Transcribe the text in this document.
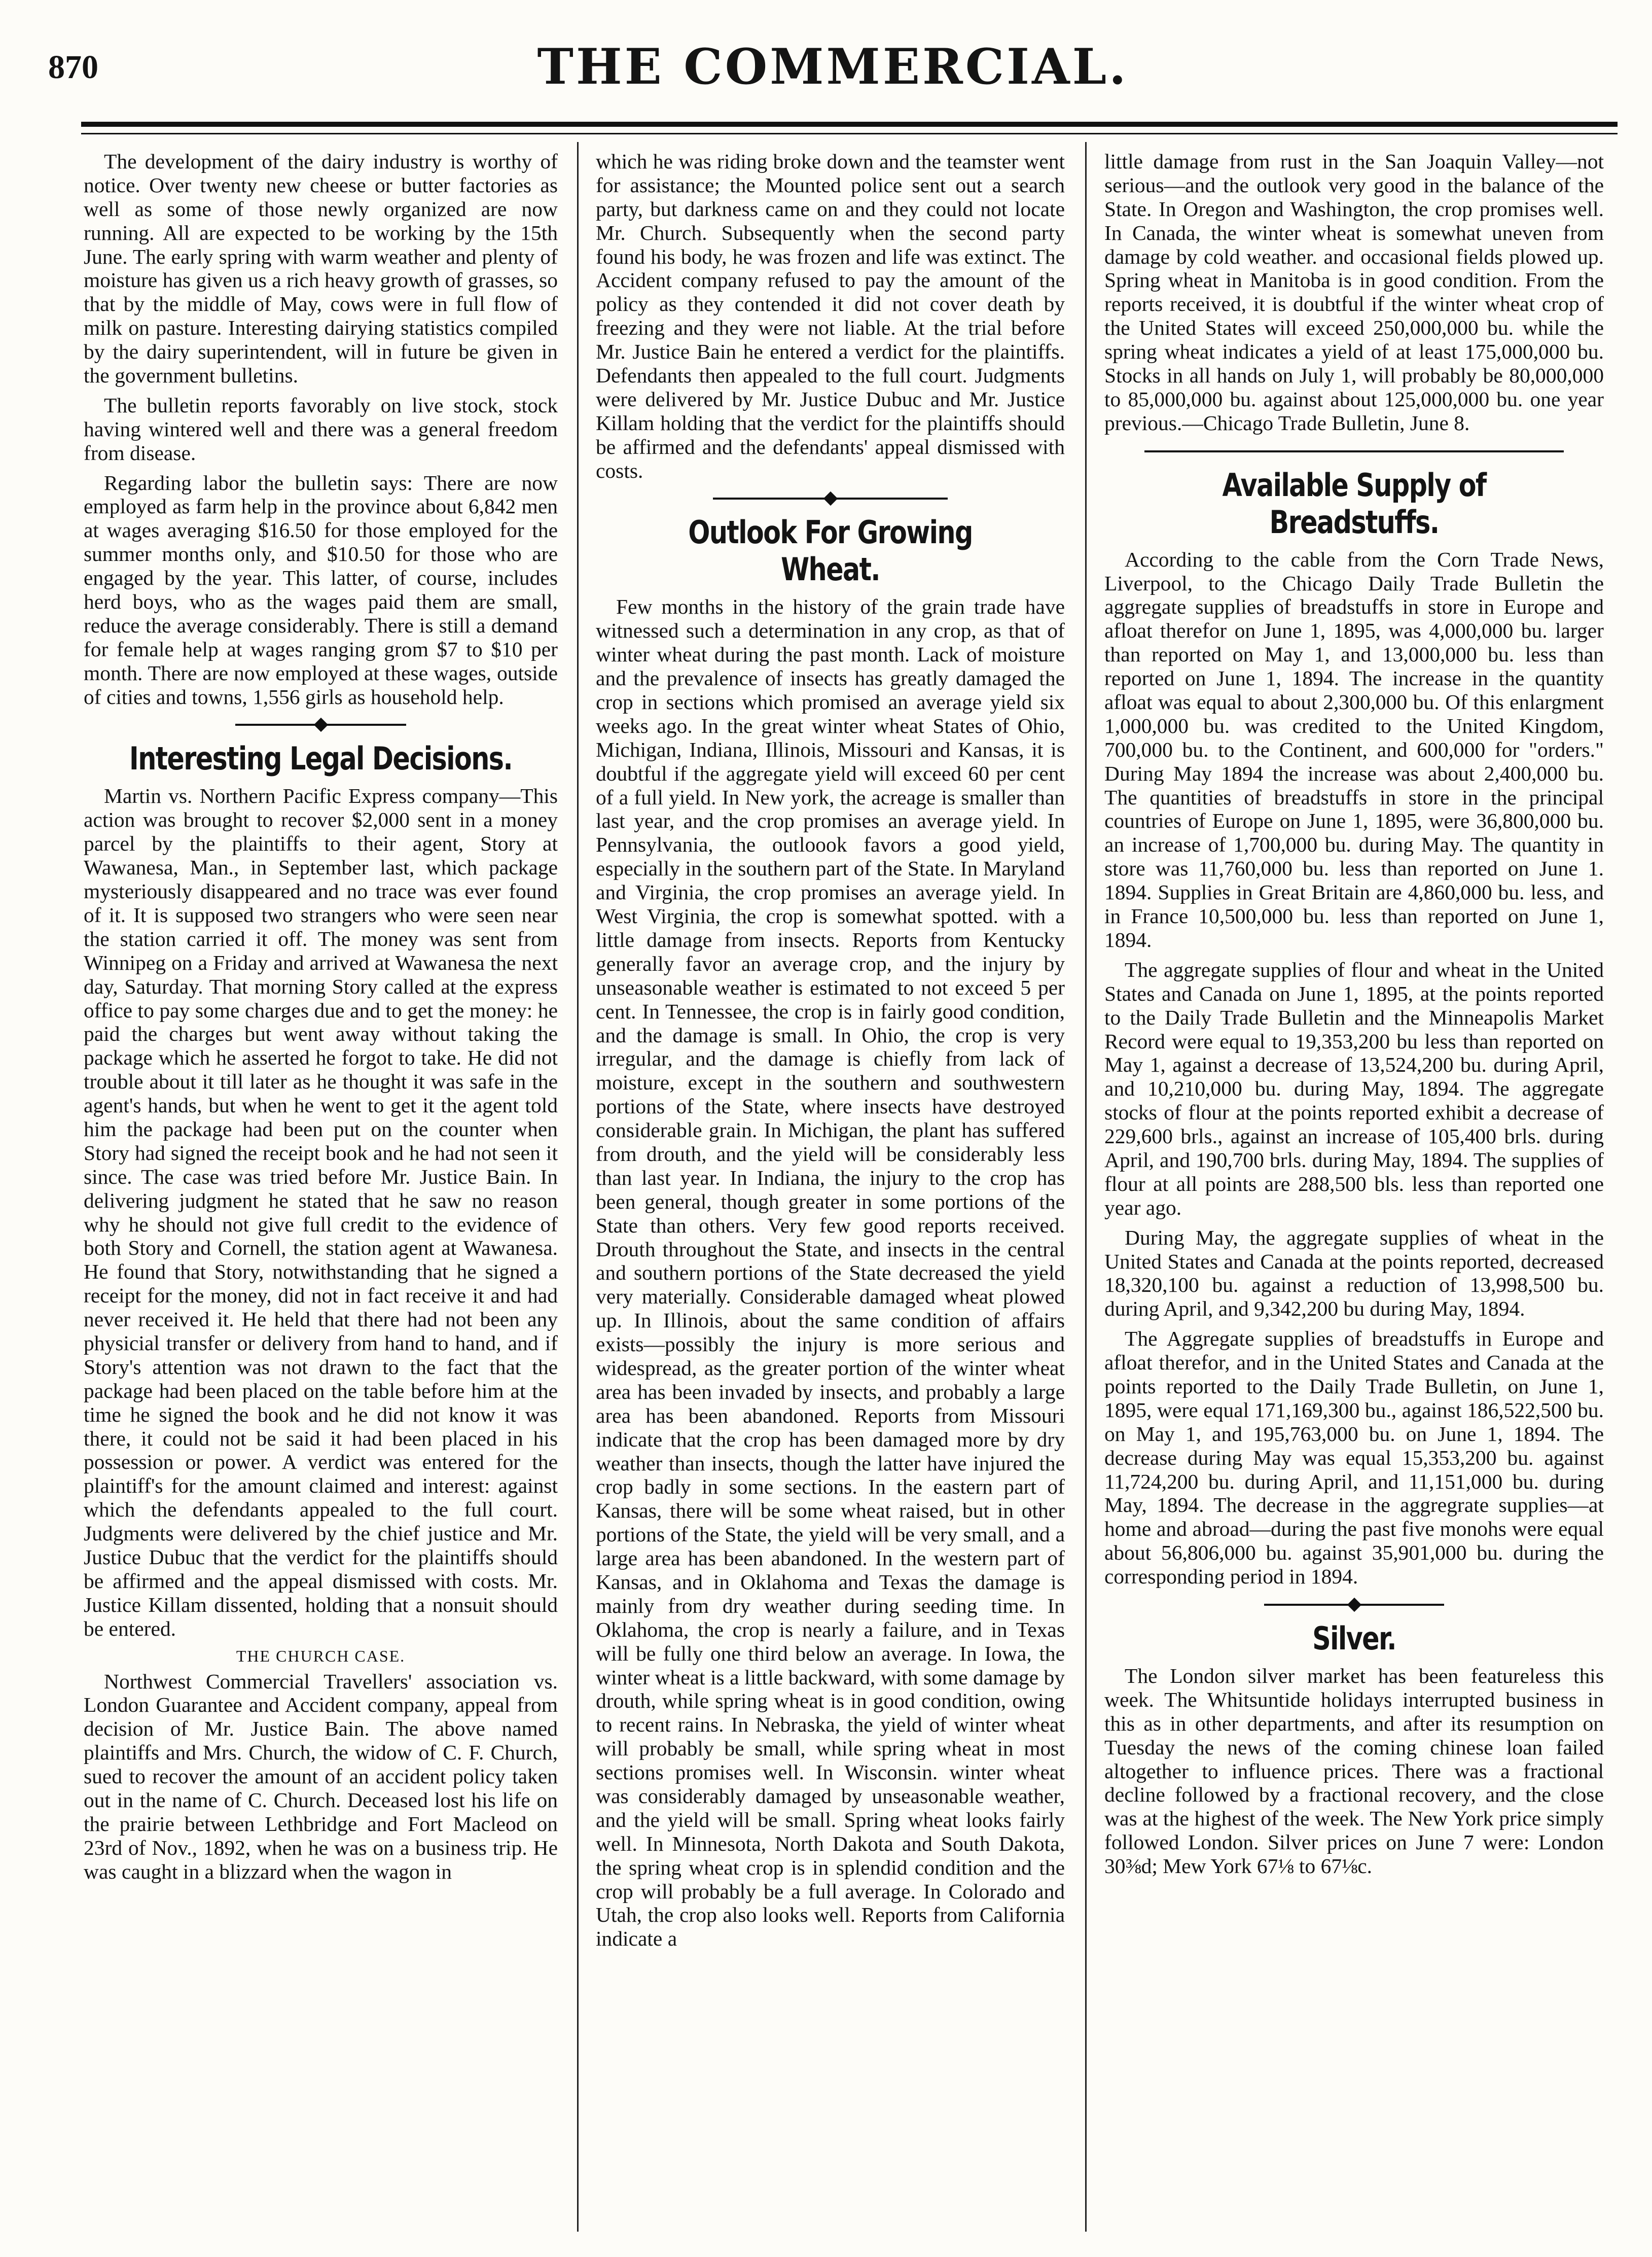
870	THE COMMERCIAL.

The development of the dairy industry is worthy of notice. Over twenty new cheese or butter factories as well as some of those newly organized are now running. All are expected to be working by the 15th June. The early spring with warm weather and plenty of moisture has given us a rich heavy growth of grasses, so that by the middle of May, cows were in full flow of milk on pasture. Interesting dairying statistics compiled by the dairy superintendent, will in future be given in the government bulletins.

The bulletin reports favorably on live stock, stock having wintered well and there was a general freedom from disease.

Regarding labor the bulletin says: There are now employed as farm help in the province about 6,842 men at wages averaging $16.50 for those employed for the summer months only, and $10.50 for those who are engaged by the year. This latter, of course, includes herd boys, who as the wages paid them are small, reduce the average considerably. There is still a demand for female help at wages ranging grom $7 to $10 per month. There are now employed at these wages, outside of cities and towns, 1,556 girls as household help.

Interesting Legal Decisions.

Martin vs. Northern Pacific Express company—This action was brought to recover $2,000 sent in a money parcel by the plaintiffs to their agent, Story at Wawanesa, Man., in September last, which package mysteriously disappeared and no trace was ever found of it. It is supposed two strangers who were seen near the station carried it off. The money was sent from Winnipeg on a Friday and arrived at Wawanesa the next day, Saturday. That morning Story called at the express office to pay some charges due and to get the money: he paid the charges but went away without taking the package which he asserted he forgot to take. He did not trouble about it till later as he thought it was safe in the agent's hands, but when he went to get it the agent told him the package had been put on the counter when Story had signed the receipt book and he had not seen it since. The case was tried before Mr. Justice Bain. In delivering judgment he stated that he saw no reason why he should not give full credit to the evidence of both Story and Cornell, the station agent at Wawanesa. He found that Story, notwithstanding that he signed a receipt for the money, did not in fact receive it and had never received it. He held that there had not been any physicial transfer or delivery from hand to hand, and if Story's attention was not drawn to the fact that the package had been placed on the table before him at the time he signed the book and he did not know it was there, it could not be said it had been placed in his possession or power. A verdict was entered for the plaintiff's for the amount claimed and interest: against which the defendants appealed to the full court. Judgments were delivered by the chief justice and Mr. Justice Dubuc that the verdict for the plaintiffs should be affirmed and the appeal dismissed with costs. Mr. Justice Killam dissented, holding that a nonsuit should be entered.

THE CHURCH CASE.

Northwest Commercial Travellers' association vs. London Guarantee and Accident company, appeal from decision of Mr. Justice Bain. The above named plaintiffs and Mrs. Church, the widow of C. F. Church, sued to recover the amount of an accident policy taken out in the name of C. Church. Deceased lost his life on the prairie between Lethbridge and Fort Macleod on 23rd of Nov., 1892, when he was on a business trip. He was caught in a blizzard when the wagon in

which he was riding broke down and the teamster went for assistance; the Mounted police sent out a search party, but darkness came on and they could not locate Mr. Church. Subsequently when the second party found his body, he was frozen and life was extinct. The Accident company refused to pay the amount of the policy as they contended it did not cover death by freezing and they were not liable. At the trial before Mr. Justice Bain he entered a verdict for the plaintiffs. Defendants then appealed to the full court. Judgments were delivered by Mr. Justice Dubuc and Mr. Justice Killam holding that the verdict for the plaintiffs should be affirmed and the defendants' appeal dismissed with costs.

Outlook For Growing Wheat.

Few months in the history of the grain trade have witnessed such a determination in any crop, as that of winter wheat during the past month. Lack of moisture and the prevalence of insects has greatly damaged the crop in sections which promised an average yield six weeks ago. In the great winter wheat States of Ohio, Michigan, Indiana, Illinois, Missouri and Kansas, it is doubtful if the aggregate yield will exceed 60 per cent of a full yield. In New york, the acreage is smaller than last year, and the crop promises an average yield. In Pennsylvania, the outloook favors a good yield, especially in the southern part of the State. In Maryland and Virginia, the crop promises an average yield. In West Virginia, the crop is somewhat spotted. with a little damage from insects. Reports from Kentucky generally favor an average crop, and the injury by unseasonable weather is estimated to not exceed 5 per cent. In Tennessee, the crop is in fairly good condition, and the damage is small. In Ohio, the crop is very irregular, and the damage is chiefly from lack of moisture, except in the southern and southwestern portions of the State, where insects have destroyed considerable grain. In Michigan, the plant has suffered from drouth, and the yield will be considerably less than last year. In Indiana, the injury to the crop has been general, though greater in some portions of the State than others. Very few good reports received. Drouth throughout the State, and insects in the central and southern portions of the State decreased the yield very materially. Considerable damaged wheat plowed up. In Illinois, about the same condition of affairs exists—possibly the injury is more serious and widespread, as the greater portion of the winter wheat area has been invaded by insects, and probably a large area has been abandoned. Reports from Missouri indicate that the crop has been damaged more by dry weather than insects, though the latter have injured the crop badly in some sections. In the eastern part of Kansas, there will be some wheat raised, but in other portions of the State, the yield will be very small, and a large area has been abandoned. In the western part of Kansas, and in Oklahoma and Texas the damage is mainly from dry weather during seeding time. In Oklahoma, the crop is nearly a failure, and in Texas will be fully one third below an average. In Iowa, the winter wheat is a little backward, with some damage by drouth, while spring wheat is in good condition, owing to recent rains. In Nebraska, the yield of winter wheat will probably be small, while spring wheat in most sections promises well. In Wisconsin. winter wheat was considerably damaged by unseasonable weather, and the yield will be small. Spring wheat looks fairly well. In Minnesota, North Dakota and South Dakota, the spring wheat crop is in splendid condition and the crop will probably be a full average. In Colorado and Utah, the crop also looks well. Reports from California indicate a

little damage from rust in the San Joaquin Valley—not serious—and the outlook very good in the balance of the State. In Oregon and Washington, the crop promises well. In Canada, the winter wheat is somewhat uneven from damage by cold weather. and occasional fields plowed up. Spring wheat in Manitoba is in good condition. From the reports received, it is doubtful if the winter wheat crop of the United States will exceed 250,000,000 bu. while the spring wheat indicates a yield of at least 175,000,000 bu. Stocks in all hands on July 1, will probably be 80,000,000 to 85,000,000 bu. against about 125,000,000 bu. one year previous.—Chicago Trade Bulletin, June 8.

Available Supply of Breadstuffs.

According to the cable from the Corn Trade News, Liverpool, to the Chicago Daily Trade Bulletin the aggregate supplies of breadstuffs in store in Europe and afloat therefor on June 1, 1895, was 4,000,000 bu. larger than reported on May 1, and 13,000,000 bu. less than reported on June 1, 1894. The increase in the quantity afloat was equal to about 2,300,000 bu. Of this enlargment 1,000,000 bu. was credited to the United Kingdom, 700,000 bu. to the Continent, and 600,000 for "orders." During May 1894 the increase was about 2,400,000 bu. The quantities of breadstuffs in store in the principal countries of Europe on June 1, 1895, were 36,800,000 bu. an increase of 1,700,000 bu. during May. The quantity in store was 11,760,000 bu. less than reported on June 1. 1894. Supplies in Great Britain are 4,860,000 bu. less, and in France 10,500,000 bu. less than reported on June 1, 1894.

The aggregate supplies of flour and wheat in the United States and Canada on June 1, 1895, at the points reported to the Daily Trade Bulletin and the Minneapolis Market Record were equal to 19,353,200 bu less than reported on May 1, against a decrease of 13,524,200 bu. during April, and 10,210,000 bu. during May, 1894. The aggregate stocks of flour at the points reported exhibit a decrease of 229,600 brls., against an increase of 105,400 brls. during April, and 190,700 brls. during May, 1894. The supplies of flour at all points are 288,500 bls. less than reported one year ago.

During May, the aggregate supplies of wheat in the United States and Canada at the points reported, decreased 18,320,100 bu. against a reduction of 13,998,500 bu. during April, and 9,342,200 bu during May, 1894.

The Aggregate supplies of breadstuffs in Europe and afloat therefor, and in the United States and Canada at the points reported to the Daily Trade Bulletin, on June 1, 1895, were equal 171,169,300 bu., against 186,522,500 bu. on May 1, and 195,763,000 bu. on June 1, 1894. The decrease during May was equal 15,353,200 bu. against 11,724,200 bu. during April, and 11,151,000 bu. during May, 1894. The decrease in the aggregrate supplies—at home and abroad—during the past five monohs were equal about 56,806,000 bu. against 35,901,000 bu. during the corresponding period in 1894.

Silver.

The London silver market has been featureless this week. The Whitsuntide holidays interrupted business in this as in other departments, and after its resumption on Tuesday the news of the coming chinese loan failed altogether to influence prices. There was a fractional decline followed by a fractional recovery, and the close was at the highest of the week. The New York price simply followed London. Silver prices on June 7 were: London 30⅜d; Mew York 67⅛ to 67⅛c.
